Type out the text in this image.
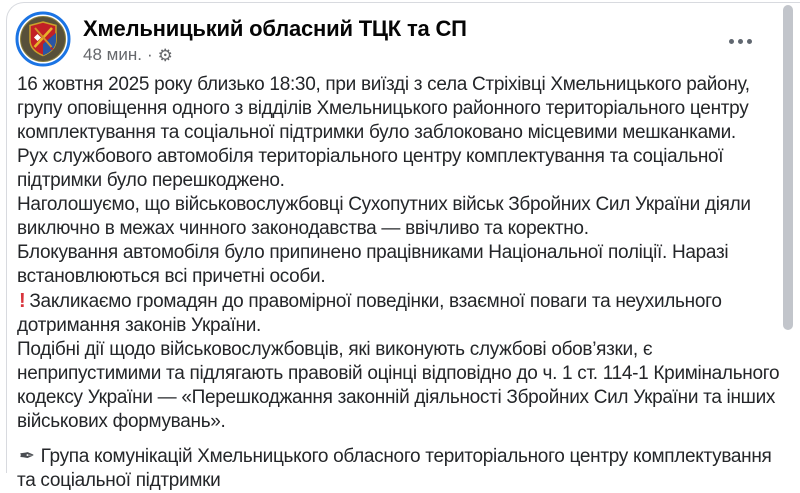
Хмельницький обласний ТЦК та СП
48 мин. · ⚙

16 жовтня 2025 року близько 18:30, при виїзді з села Стріхівці Хмельницького району, групу оповіщення одного з відділів Хмельницького районного територіального центру комплектування та соціальної підтримки було заблоковано місцевими мешканками.

Рух службового автомобіля територіального центру комплектування та соціальної підтримки було перешкоджено.

Наголошуємо, що військовослужбовці Сухопутних військ Збройних Сил України діяли виключно в межах чинного законодавства — ввічливо та коректно.

Блокування автомобіля було припинено працівниками Національної поліції. Наразі встановлюються всі причетні особи.

! Закликаємо громадян до правомірної поведінки, взаємної поваги та неухильного дотримання законів України.

Подібні дії щодо військовослужбовців, які виконують службові обов’язки, є неприпустимими та підлягають правовій оцінці відповідно до ч. 1 ст. 114-1 Кримінального кодексу України — «Перешкоджання законній діяльності Збройних Сил України та інших військових формувань».

✒ Група комунікацій Хмельницького обласного територіального центру комплектування та соціальної підтримки
